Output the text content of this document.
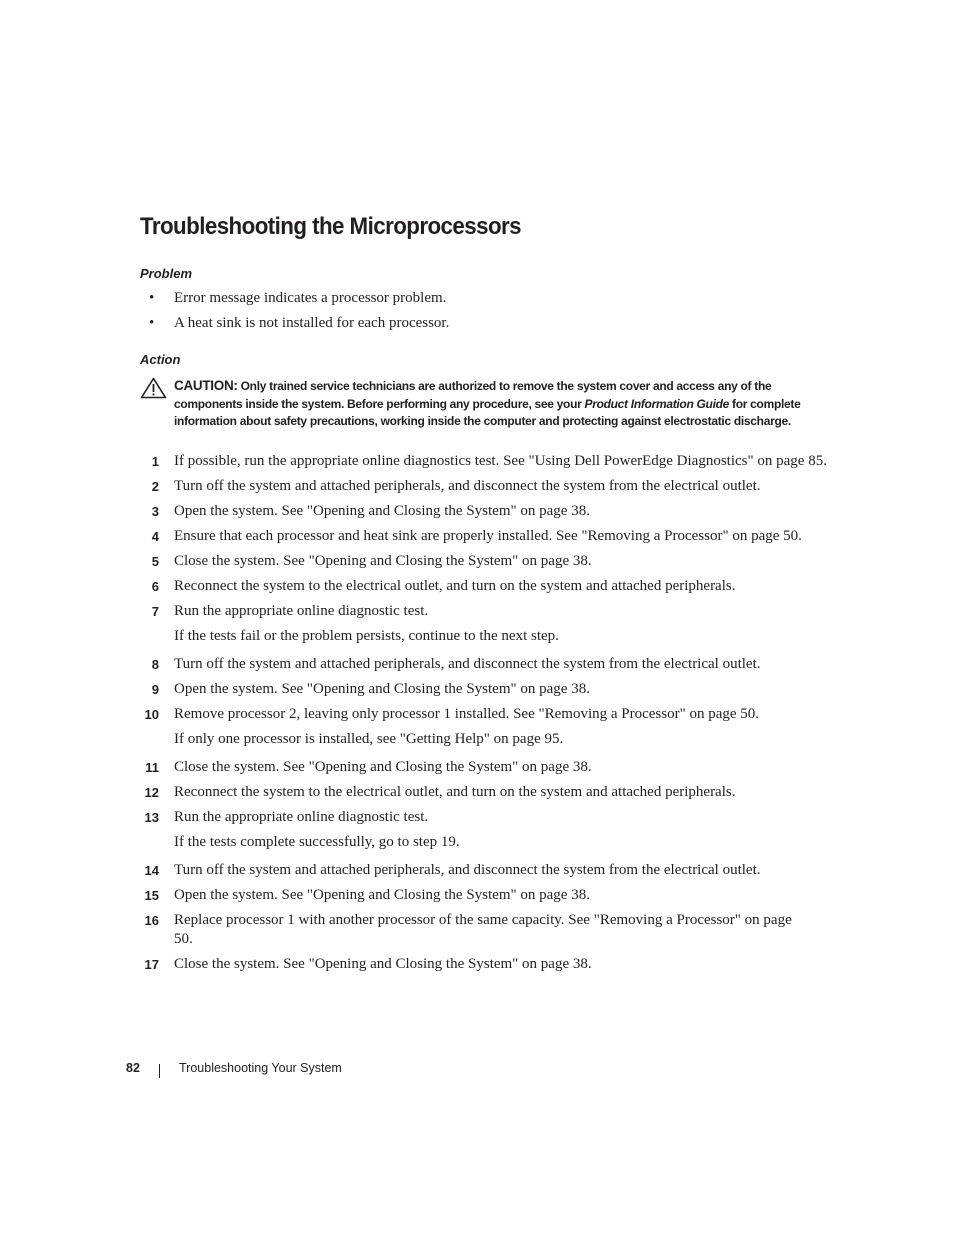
Troubleshooting the Microprocessors
Problem
• Error message indicates a processor problem.
• A heat sink is not installed for each processor.
Action

CAUTION: Only trained service technicians are authorized to remove the system cover and access any of the components inside the system. Before performing any procedure, see your Product Information Guide for complete information about safety precautions, working inside the computer and protecting against electrostatic discharge.

1 If possible, run the appropriate online diagnostics test. See "Using Dell PowerEdge Diagnostics" on page 85.
2 Turn off the system and attached peripherals, and disconnect the system from the electrical outlet.
3 Open the system. See "Opening and Closing the System" on page 38.
4 Ensure that each processor and heat sink are properly installed. See "Removing a Processor" on page 50.
5 Close the system. See "Opening and Closing the System" on page 38.
6 Reconnect the system to the electrical outlet, and turn on the system and attached peripherals.
7 Run the appropriate online diagnostic test.
If the tests fail or the problem persists, continue to the next step.
8 Turn off the system and attached peripherals, and disconnect the system from the electrical outlet.
9 Open the system. See "Opening and Closing the System" on page 38.
10 Remove processor 2, leaving only processor 1 installed. See "Removing a Processor" on page 50.
If only one processor is installed, see "Getting Help" on page 95.
11 Close the system. See "Opening and Closing the System" on page 38.
12 Reconnect the system to the electrical outlet, and turn on the system and attached peripherals.
13 Run the appropriate online diagnostic test.
If the tests complete successfully, go to step 19.
14 Turn off the system and attached peripherals, and disconnect the system from the electrical outlet.
15 Open the system. See "Opening and Closing the System" on page 38.
16 Replace processor 1 with another processor of the same capacity. See "Removing a Processor" on page 50.
17 Close the system. See "Opening and Closing the System" on page 38.
82	Troubleshooting Your System
